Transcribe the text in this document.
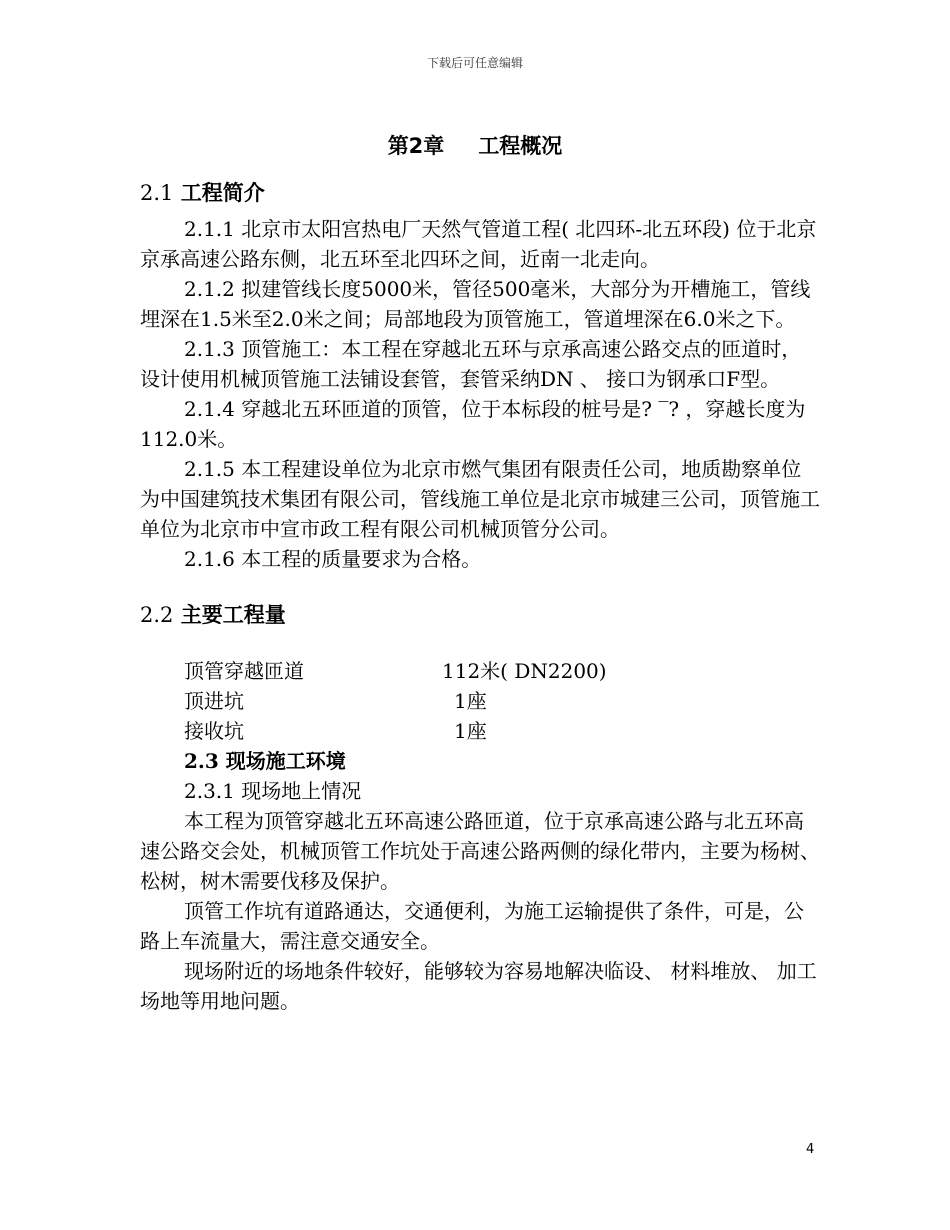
下载后可任意编辑
第2章 工程概况
2.1 工程简介

2.1.1 北京市太阳宫热电厂天然气管道工程( 北四环-北五环段) 位于北京京承高速公路东侧，北五环至北四环之间，近南一北走向。

2.1.2 拟建管线长度5000米，管径500毫米，大部分为开槽施工，管线埋深在1.5米至2.0米之间；局部地段为顶管施工，管道埋深在6.0米之下。

2.1.3 顶管施工：本工程在穿越北五环与京承高速公路交点的匝道时，设计使用机械顶管施工法铺设套管，套管采纳DN 、 接口为钢承口F型。

2.1.4 穿越北五环匝道的顶管，位于本标段的桩号是? ‾? ，穿越长度为112.0米。

2.1.5 本工程建设单位为北京市燃气集团有限责任公司，地质勘察单位为中国建筑技术集团有限公司，管线施工单位是北京市城建三公司，顶管施工单位为北京市中宣市政工程有限公司机械顶管分公司。

2.1.6 本工程的质量要求为合格。

2.2 主要工程量
顶管穿越匝道	112米( DN2200)
顶进坑	1座
接收坑	1座
2.3 现场施工环境
2.3.1 现场地上情况

本工程为顶管穿越北五环高速公路匝道，位于京承高速公路与北五环高速公路交会处，机械顶管工作坑处于高速公路两侧的绿化带内，主要为杨树、 松树，树木需要伐移及保护。

顶管工作坑有道路通达，交通便利，为施工运输提供了条件，可是，公路上车流量大，需注意交通安全。

现场附近的场地条件较好，能够较为容易地解决临设、 材料堆放、 加工场地等用地问题。

4
